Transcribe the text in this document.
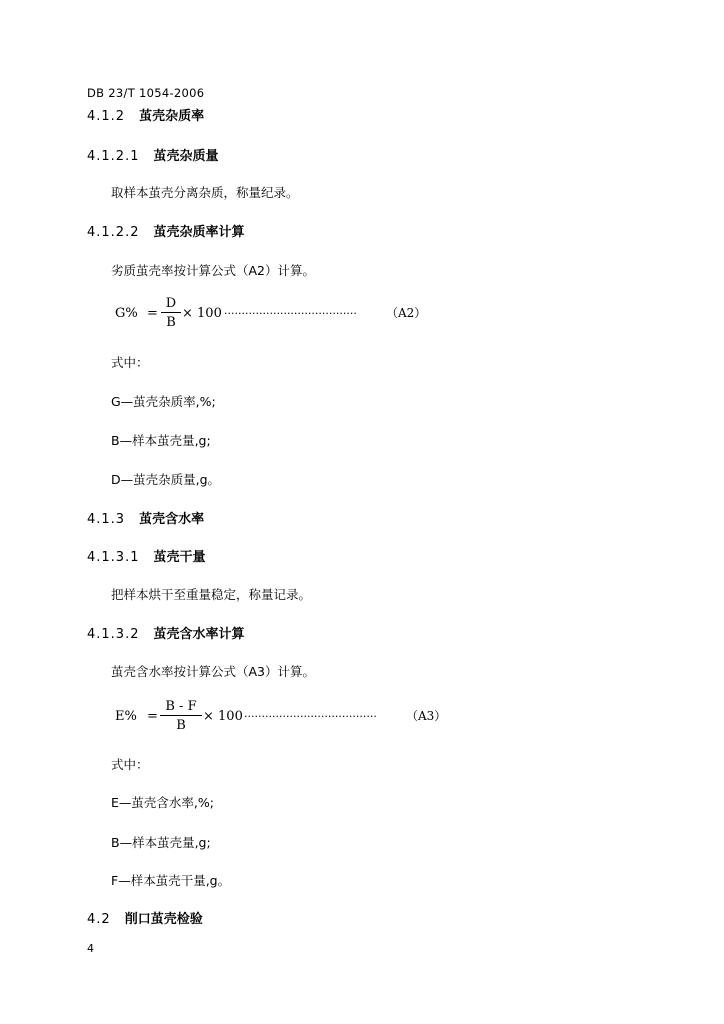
DB 23/T 1054-2006
4.1.2 茧壳杂质率
4.1.2.1 茧壳杂质量
取样本茧壳分离杂质，称量纪录。
4.1.2.2 茧壳杂质率计算
劣质茧壳率按计算公式（A2）计算。
G% =
D
B
× 100 ······································ （A2）
式中：
G—茧壳杂质率,%;
B—样本茧壳量,g;
D—茧壳杂质量,g。
4.1.3 茧壳含水率
4.1.3.1 茧壳干量
把样本烘干至重量稳定，称量记录。
4.1.3.2 茧壳含水率计算
茧壳含水率按计算公式（A3）计算。
E% =
B - F
B
× 100 ······································ （A3）
式中：
E—茧壳含水率,%;
B—样本茧壳量,g;
F—样本茧壳干量,g。
4.2 削口茧壳检验
4
